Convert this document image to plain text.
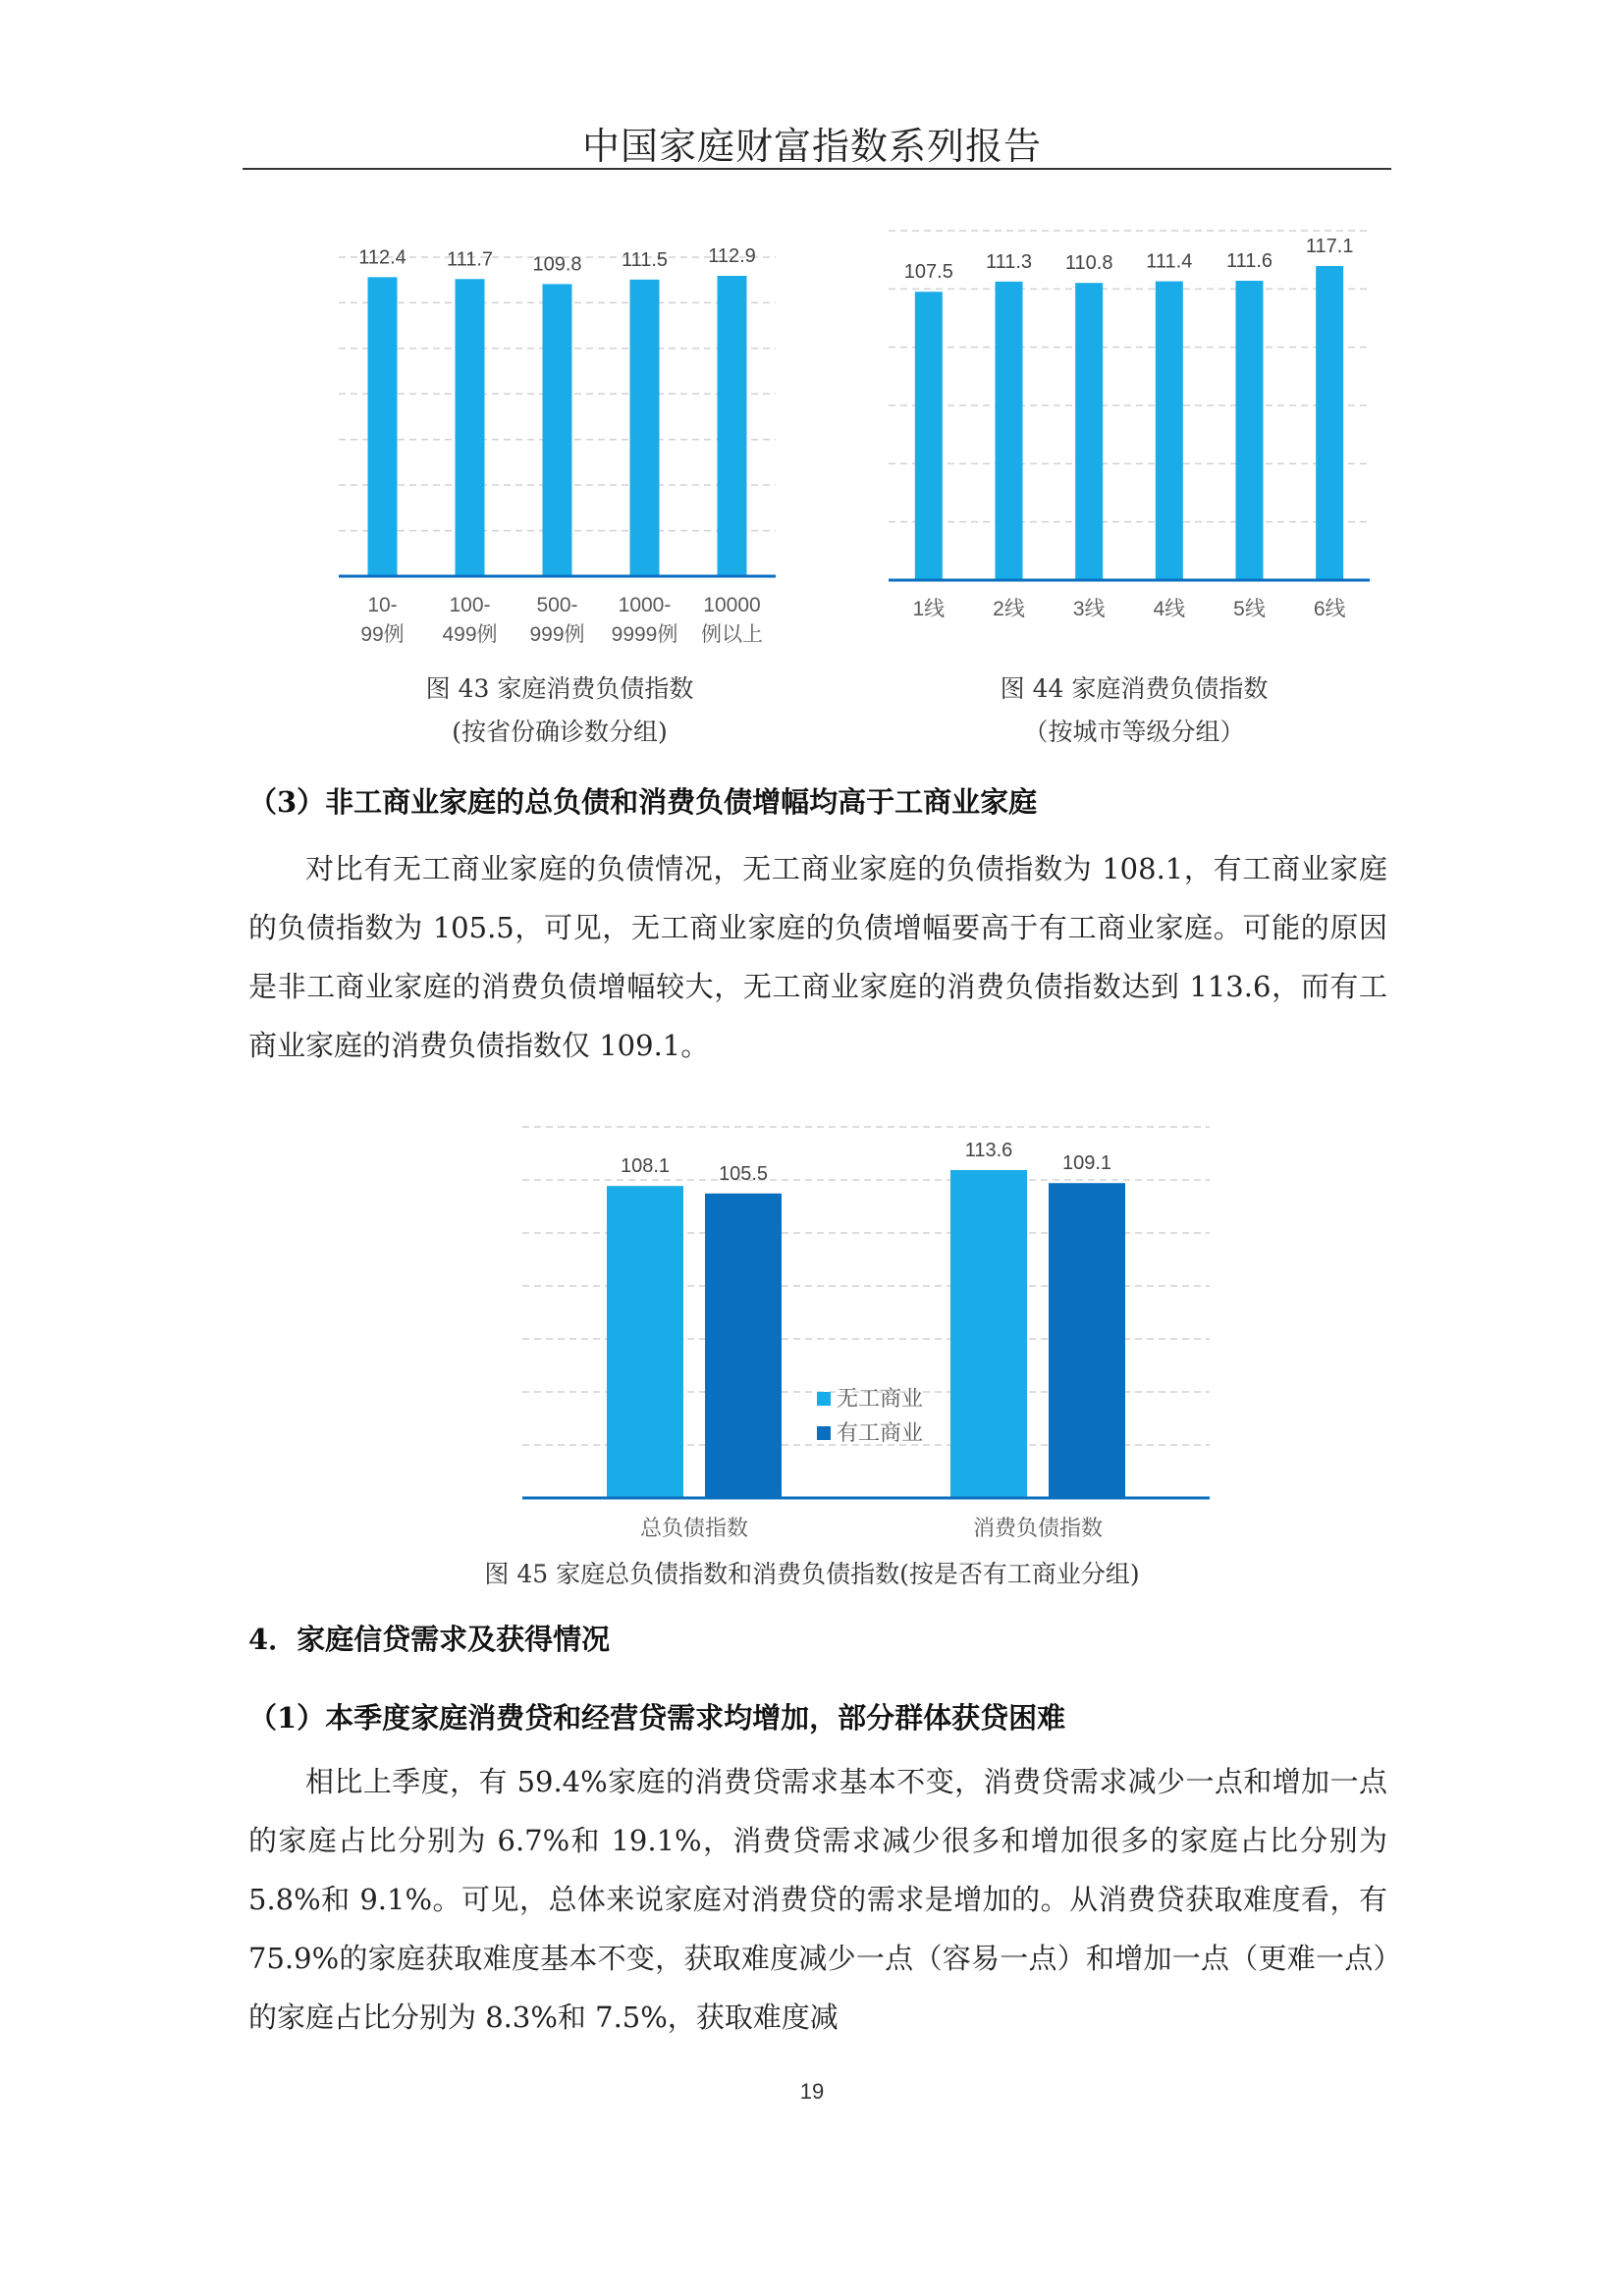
中国家庭财富指数系列报告
112.4
10-
99例
111.7
100-
499例
109.8
500-
999例
111.5
1000-
9999例
112.9
10000
例以上
图 43 家庭消费负债指数
(按省份确诊数分组)
107.5
1线
111.3
2线
110.8
3线
111.4
4线
111.6
5线
117.1
6线
图 44 家庭消费负债指数
（按城市等级分组）
（3）非工商业家庭的总负债和消费负债增幅均高于工商业家庭
对比有无工商业家庭的负债情况，无工商业家庭的负债指数为 108.1，有工商业家庭的负债指数为 105.5，可见，无工商业家庭的负债增幅要高于有工商业家庭。可能的原因是非工商业家庭的消费负债增幅较大，无工商业家庭的消费负债指数达到 113.6，而有工商业家庭的消费负债指数仅 109.1。
108.1 105.5
总负债指数
113.6
109.1
消费负债指数
无工商业
有工商业
图 45 家庭总负债指数和消费负债指数(按是否有工商业分组)
4．家庭信贷需求及获得情况
（1）本季度家庭消费贷和经营贷需求均增加，部分群体获贷困难
相比上季度，有 59.4%家庭的消费贷需求基本不变，消费贷需求减少一点和增加一点的家庭占比分别为 6.7%和 19.1%，消费贷需求减少很多和增加很多的家庭占比分别为 5.8%和 9.1%。可见，总体来说家庭对消费贷的需求是增加的。从消费贷获取难度看，有 75.9%的家庭获取难度基本不变，获取难度减少一点（容易一点）和增加一点（更难一点）的家庭占比分别为 8.3%和 7.5%，获取难度减
19
